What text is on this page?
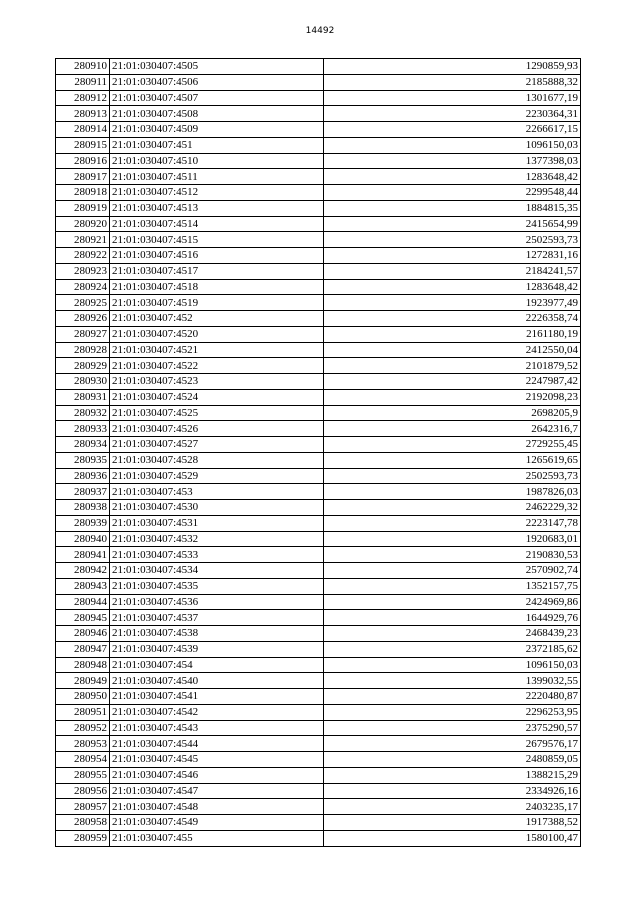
14492
280910	21:01:030407:4505	1290859,93
280911	21:01:030407:4506	2185888,32
280912	21:01:030407:4507	1301677,19
280913	21:01:030407:4508	2230364,31
280914	21:01:030407:4509	2266617,15
280915	21:01:030407:451	1096150,03
280916	21:01:030407:4510	1377398,03
280917	21:01:030407:4511	1283648,42
280918	21:01:030407:4512	2299548,44
280919	21:01:030407:4513	1884815,35
280920	21:01:030407:4514	2415654,99
280921	21:01:030407:4515	2502593,73
280922	21:01:030407:4516	1272831,16
280923	21:01:030407:4517	2184241,57
280924	21:01:030407:4518	1283648,42
280925	21:01:030407:4519	1923977,49
280926	21:01:030407:452	2226358,74
280927	21:01:030407:4520	2161180,19
280928	21:01:030407:4521	2412550,04
280929	21:01:030407:4522	2101879,52
280930	21:01:030407:4523	2247987,42
280931	21:01:030407:4524	2192098,23
280932	21:01:030407:4525	2698205,9
280933	21:01:030407:4526	2642316,7
280934	21:01:030407:4527	2729255,45
280935	21:01:030407:4528	1265619,65
280936	21:01:030407:4529	2502593,73
280937	21:01:030407:453	1987826,03
280938	21:01:030407:4530	2462229,32
280939	21:01:030407:4531	2223147,78
280940	21:01:030407:4532	1920683,01
280941	21:01:030407:4533	2190830,53
280942	21:01:030407:4534	2570902,74
280943	21:01:030407:4535	1352157,75
280944	21:01:030407:4536	2424969,86
280945	21:01:030407:4537	1644929,76
280946	21:01:030407:4538	2468439,23
280947	21:01:030407:4539	2372185,62
280948	21:01:030407:454	1096150,03
280949	21:01:030407:4540	1399032,55
280950	21:01:030407:4541	2220480,87
280951	21:01:030407:4542	2296253,95
280952	21:01:030407:4543	2375290,57
280953	21:01:030407:4544	2679576,17
280954	21:01:030407:4545	2480859,05
280955	21:01:030407:4546	1388215,29
280956	21:01:030407:4547	2334926,16
280957	21:01:030407:4548	2403235,17
280958	21:01:030407:4549	1917388,52
280959	21:01:030407:455	1580100,47
